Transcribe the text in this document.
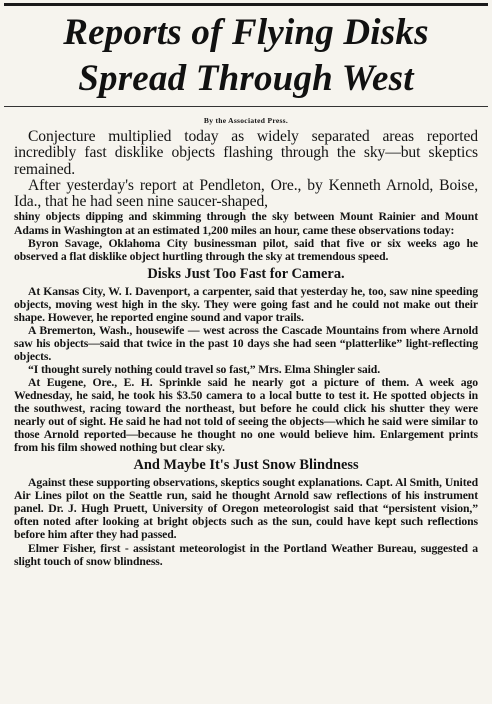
Reports of Flying Disks
Spread Through West
By the Associated Press.

Conjecture multiplied today as widely separated areas reported incredibly fast disklike objects flashing through the sky—but skeptics remained.

After yesterday's report at Pendleton, Ore., by Kenneth Arnold, Boise, Ida., that he had seen nine saucer-shaped,

shiny objects dipping and skimming through the sky between Mount Rainier and Mount Adams in Washington at an estimated 1,200 miles an hour, came these observations today:

Byron Savage, Oklahoma City businessman pilot, said that five or six weeks ago he observed a flat disklike object hurtling through the sky at tremendous speed.

Disks Just Too Fast for Camera.

At Kansas City, W. I. Davenport, a carpenter, said that yesterday he, too, saw nine speeding objects, moving west high in the sky. They were going fast and he could not make out their shape. However, he reported engine sound and vapor trails.

A Bremerton, Wash., housewife — west across the Cascade Mountains from where Arnold saw his objects—said that twice in the past 10 days she had seen “platterlike” light-reflecting objects.

“I thought surely nothing could travel so fast,” Mrs. Elma Shingler said.

At Eugene, Ore., E. H. Sprinkle said he nearly got a picture of them. A week ago Wednesday, he said, he took his $3.50 camera to a local butte to test it. He spotted objects in the southwest, racing toward the northeast, but before he could click his shutter they were nearly out of sight. He said he had not told of seeing the objects—which he said were similar to those Arnold reported—because he thought no one would believe him. Enlargement prints from his film showed nothing but clear sky.

And Maybe It's Just Snow Blindness

Against these supporting observations, skeptics sought explanations. Capt. Al Smith, United Air Lines pilot on the Seattle run, said he thought Arnold saw reflections of his instrument panel. Dr. J. Hugh Pruett, University of Oregon meteorologist said that “persistent vision,” often noted after looking at bright objects such as the sun, could have kept such reflections before him after they had passed.

Elmer Fisher, first - assistant meteorologist in the Portland Weather Bureau, suggested a slight touch of snow blindness.
